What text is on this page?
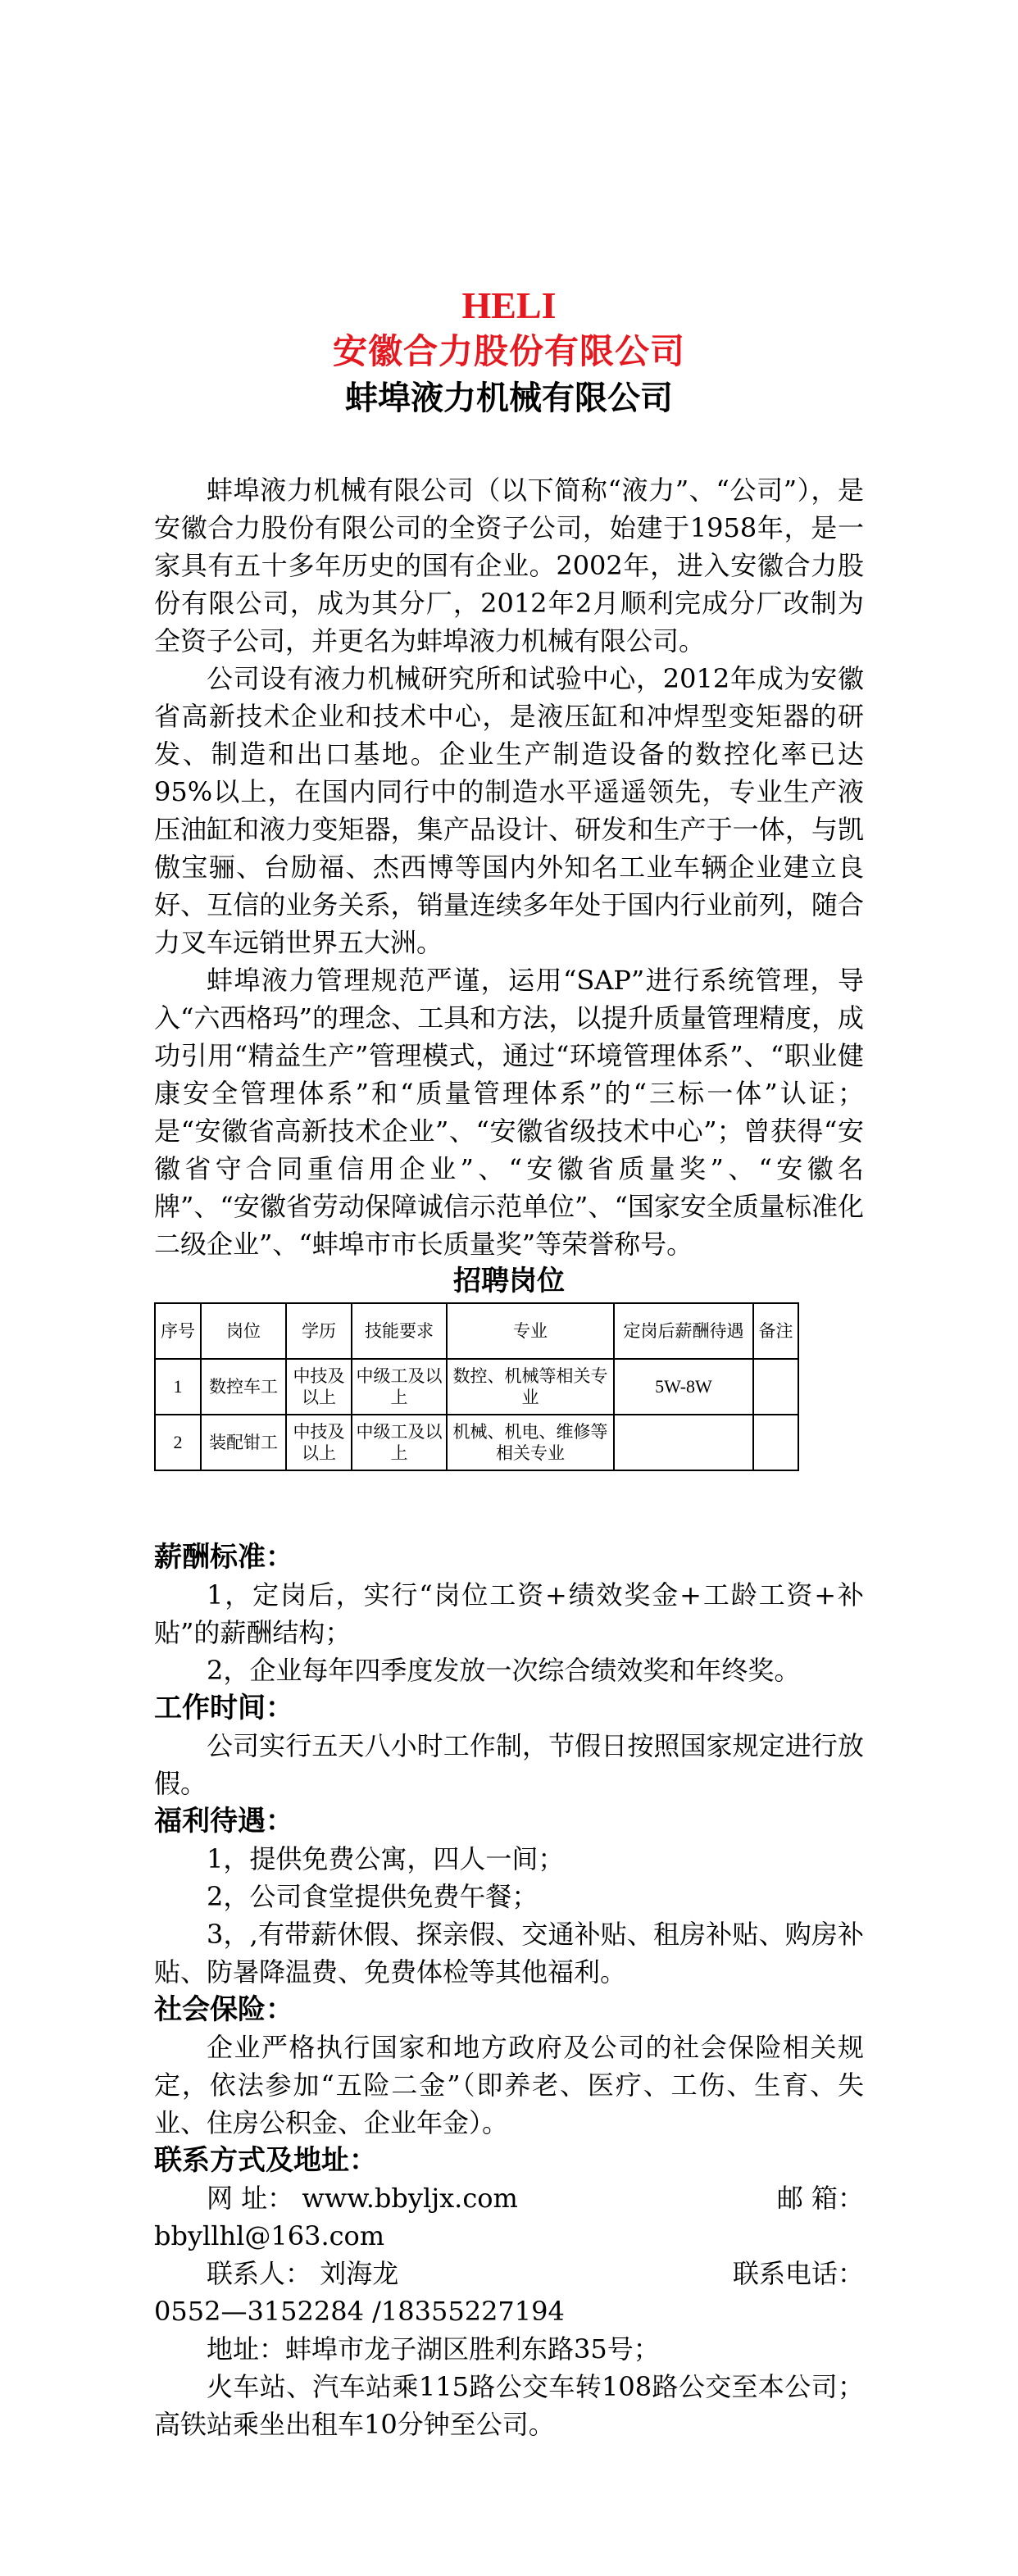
HELI
安徽合力股份有限公司
蚌埠液力机械有限公司

蚌埠液力机械有限公司（以下简称“液力”、“公司”），是安徽合力股份有限公司的全资子公司，始建于1958年，是一家具有五十多年历史的国有企业。2002年，进入安徽合力股份有限公司，成为其分厂，2012年2月顺利完成分厂改制为全资子公司，并更名为蚌埠液力机械有限公司。

公司设有液力机械研究所和试验中心，2012年成为安徽省高新技术企业和技术中心，是液压缸和冲焊型变矩器的研发、制造和出口基地。企业生产制造设备的数控化率已达95%以上，在国内同行中的制造水平遥遥领先，专业生产液压油缸和液力变矩器，集产品设计、研发和生产于一体，与凯傲宝骊、台励福、杰西博等国内外知名工业车辆企业建立良好、互信的业务关系，销量连续多年处于国内行业前列，随合力叉车远销世界五大洲。

蚌埠液力管理规范严谨，运用“SAP”进行系统管理，导入“六西格玛”的理念、工具和方法，以提升质量管理精度，成功引用“精益生产”管理模式，通过“环境管理体系”、“职业健康安全管理体系”和“质量管理体系”的“三标一体”认证；是“安徽省高新技术企业”、“安徽省级技术中心”；曾获得“安徽省守合同重信用企业”、“安徽省质量奖”、“安徽名牌”、“安徽省劳动保障诚信示范单位”、“国家安全质量标准化二级企业”、“蚌埠市市长质量奖”等荣誉称号。

招聘岗位

序号	岗位	学历	技能要求	专业	定岗后薪酬待遇	备注
1	数控车工	中技及以上	中级工及以上	数控、机械等相关专业	5W-8W	
2	装配钳工	中技及以上	中级工及以上	机械、机电、维修等相关专业		

薪酬标准：

1，定岗后，实行“岗位工资+绩效奖金+工龄工资+补贴”的薪酬结构；

2，企业每年四季度发放一次综合绩效奖和年终奖。

工作时间：

公司实行五天八小时工作制，节假日按照国家规定进行放假。

福利待遇：

1，提供免费公寓，四人一间；

2，公司食堂提供免费午餐；

3，,有带薪休假、探亲假、交通补贴、租房补贴、购房补贴、防暑降温费、免费体检等其他福利。

社会保险：

企业严格执行国家和地方政府及公司的社会保险相关规定，依法参加“五险二金”（即养老、医疗、工伤、生育、失业、住房公积金、企业年金）。

联系方式及地址：

网 址： www.bbyljx.com	邮 箱：

bbyllhl@163.com

联系人： 刘海龙	联系电话：

0552—3152284 /18355227194

地址：蚌埠市龙子湖区胜利东路35号；

火车站、汽车站乘115路公交车转108路公交至本公司；高铁站乘坐出租车10分钟至公司。
